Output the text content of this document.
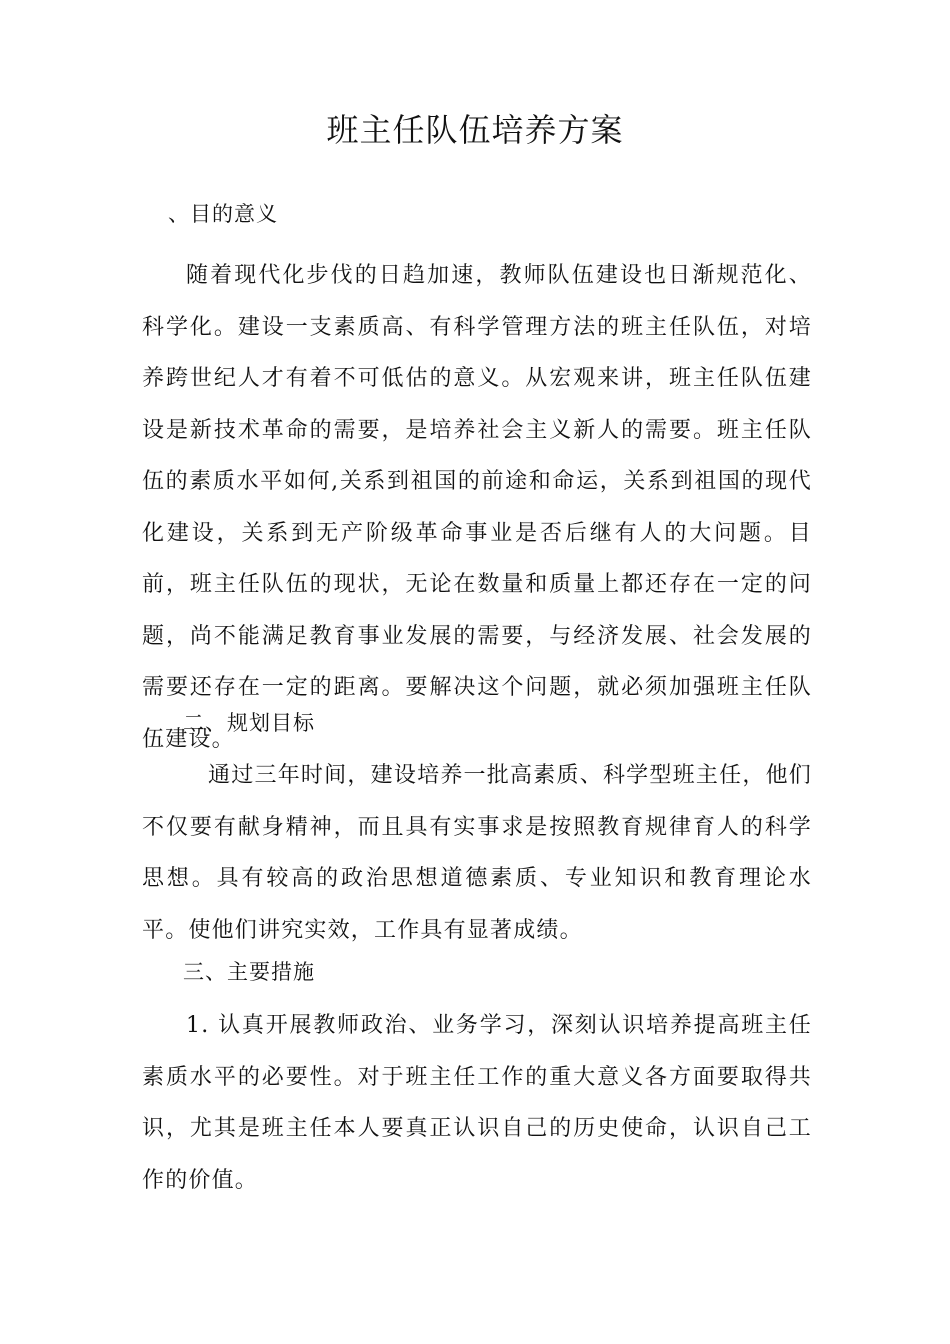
班主任队伍培养方案
、目的意义

随着现代化步伐的日趋加速，教师队伍建设也日渐规范化、科学化。建设一支素质高、有科学管理方法的班主任队伍，对培养跨世纪人才有着不可低估的意义。从宏观来讲，班主任队伍建设是新技术革命的需要，是培养社会主义新人的需要。班主任队伍的素质水平如何,关系到祖国的前途和命运，关系到祖国的现代化建设，关系到无产阶级革命事业是否后继有人的大问题。目前，班主任队伍的现状，无论在数量和质量上都还存在一定的问题，尚不能满足教育事业发展的需要，与经济发展、社会发展的需要还存在一定的距离。要解决这个问题，就必须加强班主任队伍建设。

二、规划目标

通过三年时间，建设培养一批高素质、科学型班主任，他们不仅要有献身精神，而且具有实事求是按照教育规律育人的科学思想。具有较高的政治思想道德素质、专业知识和教育理论水平。使他们讲究实效，工作具有显著成绩。

三、主要措施

1. 认真开展教师政治、业务学习，深刻认识培养提高班主任素质水平的必要性。对于班主任工作的重大意义各方面要取得共识，尤其是班主任本人要真正认识自己的历史使命，认识自己工作的价值。
